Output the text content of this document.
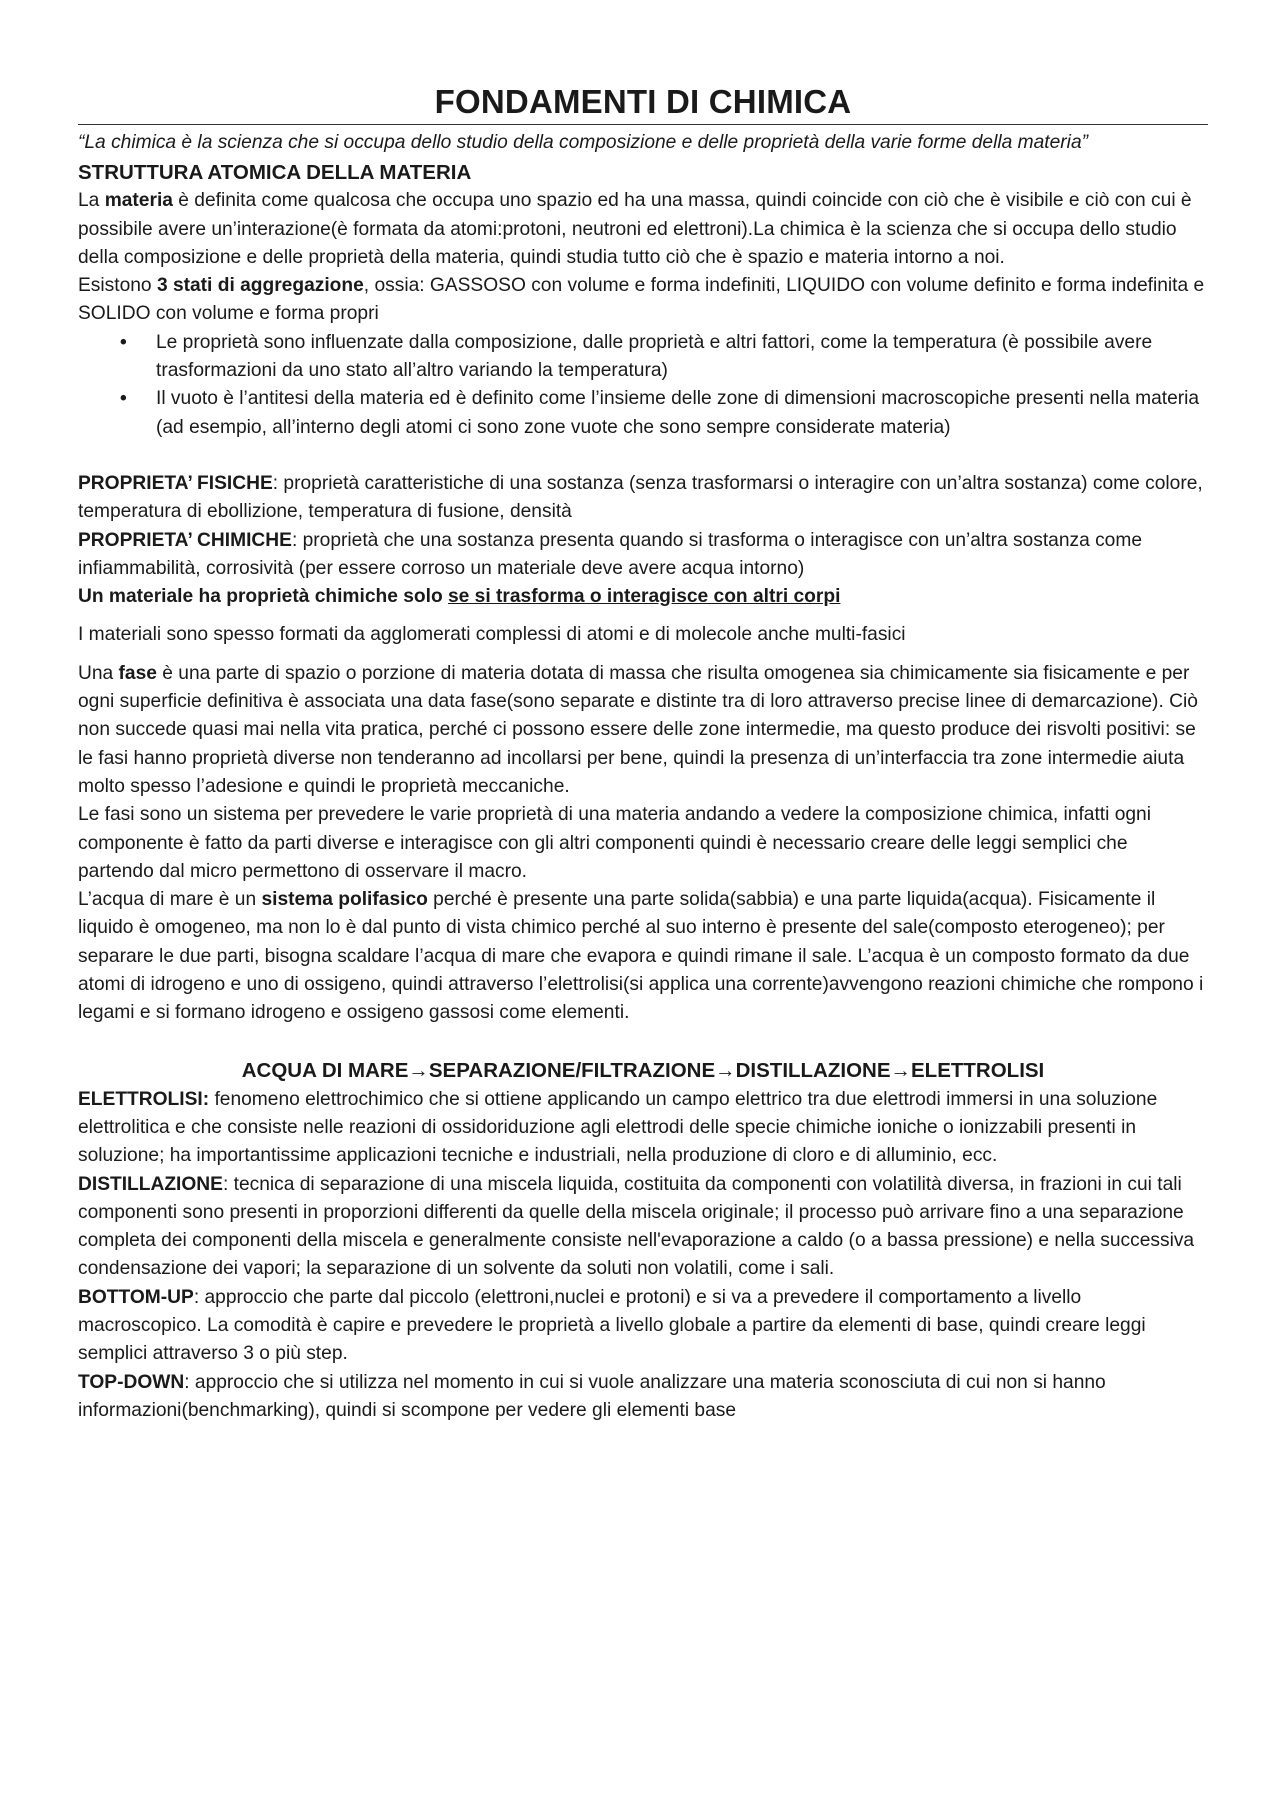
FONDAMENTI DI CHIMICA

“La chimica è la scienza che si occupa dello studio della composizione e delle proprietà della varie forme della materia”

STRUTTURA ATOMICA DELLA MATERIA

La materia è definita come qualcosa che occupa uno spazio ed ha una massa, quindi coincide con ciò che è visibile e ciò con cui è possibile avere un’interazione(è formata da atomi:protoni, neutroni ed elettroni).La chimica è la scienza che si occupa dello studio della composizione e delle proprietà della materia, quindi studia tutto ciò che è spazio e materia intorno a noi.

Esistono 3 stati di aggregazione, ossia: GASSOSO con volume e forma indefiniti, LIQUIDO con volume definito e forma indefinita e SOLIDO con volume e forma propri

• Le proprietà sono influenzate dalla composizione, dalle proprietà e altri fattori, come la temperatura (è possibile avere trasformazioni da uno stato all’altro variando la temperatura)
• Il vuoto è l’antitesi della materia ed è definito come l’insieme delle zone di dimensioni macroscopiche presenti nella materia (ad esempio, all’interno degli atomi ci sono zone vuote che sono sempre considerate materia)

PROPRIETA’ FISICHE: proprietà caratteristiche di una sostanza (senza trasformarsi o interagire con un’altra sostanza) come colore, temperatura di ebollizione, temperatura di fusione, densità

PROPRIETA’ CHIMICHE: proprietà che una sostanza presenta quando si trasforma o interagisce con un’altra sostanza come infiammabilità, corrosività (per essere corroso un materiale deve avere acqua intorno)

Un materiale ha proprietà chimiche solo se si trasforma o interagisce con altri corpi

I materiali sono spesso formati da agglomerati complessi di atomi e di molecole anche multi-fasici

Una fase è una parte di spazio o porzione di materia dotata di massa che risulta omogenea sia chimicamente sia fisicamente e per ogni superficie definitiva è associata una data fase(sono separate e distinte tra di loro attraverso precise linee di demarcazione). Ciò non succede quasi mai nella vita pratica, perché ci possono essere delle zone intermedie, ma questo produce dei risvolti positivi: se le fasi hanno proprietà diverse non tenderanno ad incollarsi per bene, quindi la presenza di un’interfaccia tra zone intermedie aiuta molto spesso l’adesione e quindi le proprietà meccaniche.

Le fasi sono un sistema per prevedere le varie proprietà di una materia andando a vedere la composizione chimica, infatti ogni componente è fatto da parti diverse e interagisce con gli altri componenti quindi è necessario creare delle leggi semplici che partendo dal micro permettono di osservare il macro.

L’acqua di mare è un sistema polifasico perché è presente una parte solida(sabbia) e una parte liquida(acqua). Fisicamente il liquido è omogeneo, ma non lo è dal punto di vista chimico perché al suo interno è presente del sale(composto eterogeneo); per separare le due parti, bisogna scaldare l’acqua di mare che evapora e quindi rimane il sale. L’acqua è un composto formato da due atomi di idrogeno e uno di ossigeno, quindi attraverso l’elettrolisi(si applica una corrente)avvengono reazioni chimiche che rompono i legami e si formano idrogeno e ossigeno gassosi come elementi.

ACQUA DI MARE→SEPARAZIONE/FILTRAZIONE→DISTILLAZIONE→ELETTROLISI

ELETTROLISI: fenomeno elettrochimico che si ottiene applicando un campo elettrico tra due elettrodi immersi in una soluzione elettrolitica e che consiste nelle reazioni di ossidoriduzione agli elettrodi delle specie chimiche ioniche o ionizzabili presenti in soluzione; ha importantissime applicazioni tecniche e industriali, nella produzione di cloro e di alluminio, ecc.

DISTILLAZIONE: tecnica di separazione di una miscela liquida, costituita da componenti con volatilità diversa, in frazioni in cui tali componenti sono presenti in proporzioni differenti da quelle della miscela originale; il processo può arrivare fino a una separazione completa dei componenti della miscela e generalmente consiste nell'evaporazione a caldo (o a bassa pressione) e nella successiva condensazione dei vapori; la separazione di un solvente da soluti non volatili, come i sali.

BOTTOM-UP: approccio che parte dal piccolo (elettroni,nuclei e protoni) e si va a prevedere il comportamento a livello macroscopico. La comodità è capire e prevedere le proprietà a livello globale a partire da elementi di base, quindi creare leggi semplici attraverso 3 o più step.

TOP-DOWN: approccio che si utilizza nel momento in cui si vuole analizzare una materia sconosciuta di cui non si hanno informazioni(benchmarking), quindi si scompone per vedere gli elementi base
